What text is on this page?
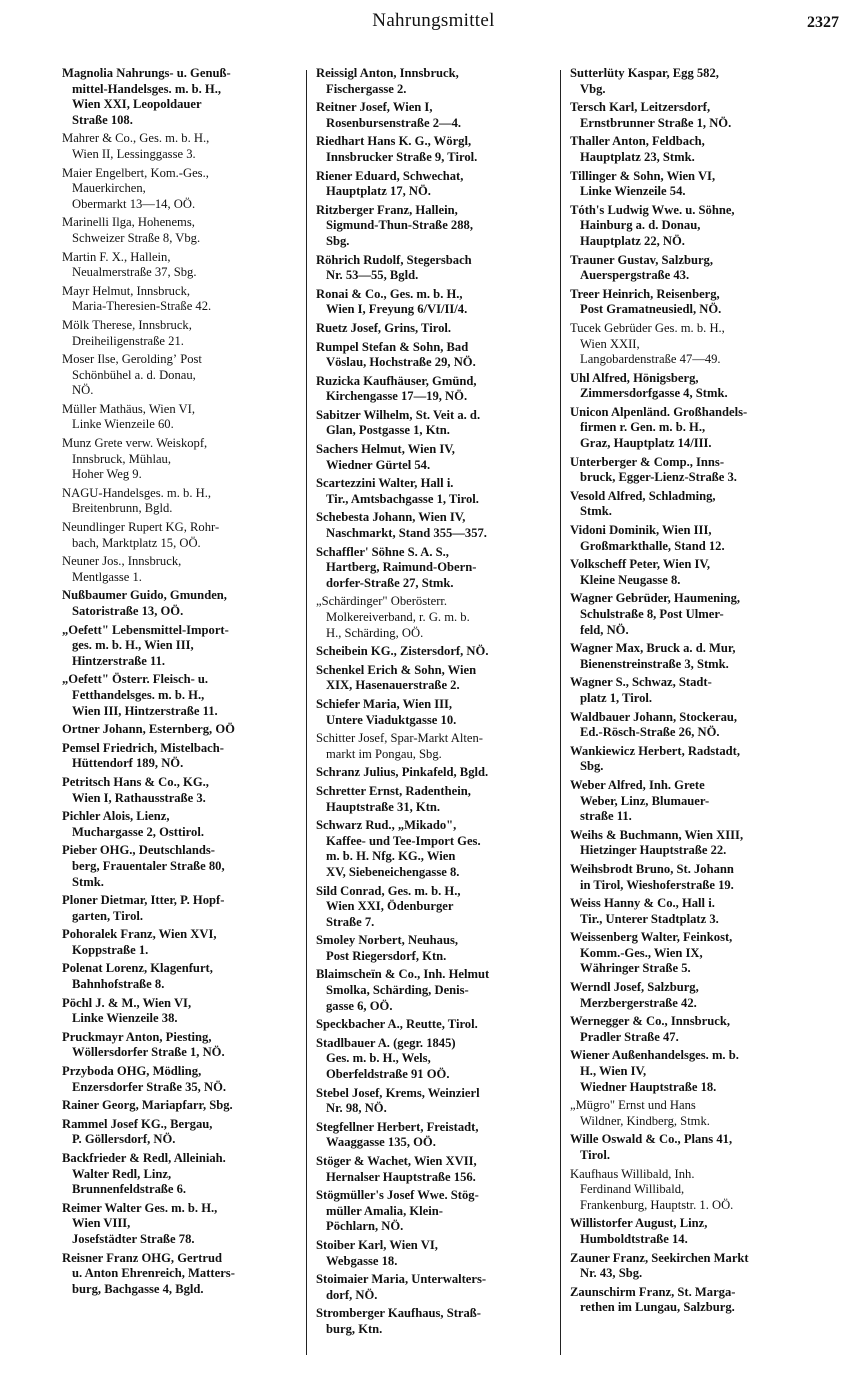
Nahrungsmittel	2327
Magnolia Nahrungs- u. Genuß-
mittel-Handelsges. m. b. H.,
Wien XXI, Leopoldauer
Straße 108.
Mahrer & Co., Ges. m. b. H.,
Wien II, Lessinggasse 3.
Maier Engelbert, Kom.-Ges.,
Mauerkirchen,
Obermarkt 13—14, OÖ.
Marinelli Ilga, Hohenems,
Schweizer Straße 8, Vbg.
Martin F. X., Hallein,
Neualmerstraße 37, Sbg.
Mayr Helmut, Innsbruck,
Maria-Theresien-Straße 42.
Mölk Therese, Innsbruck,
Dreiheiligenstraße 21.
Moser Ilse, Geroldingʼ Post
Schönbühel a. d. Donau,
NÖ.
Müller Mathäus, Wien VI,
Linke Wienzeile 60.
Munz Grete verw. Weiskopf,
Innsbruck, Mühlau,
Hoher Weg 9.
NAGU-Handelsges. m. b. H.,
Breitenbrunn, Bgld.
Neundlinger Rupert KG, Rohr-
bach, Marktplatz 15, OÖ.
Neuner Jos., Innsbruck,
Mentlgasse 1.
Nußbaumer Guido, Gmunden,
Satoristraße 13, OÖ.
„Oefett" Lebensmittel-Import-
ges. m. b. H., Wien III,
Hintzerstraße 11.
„Oefett" Österr. Fleisch- u.
Fetthandelsges. m. b. H.,
Wien III, Hintzerstraße 11.
Ortner Johann, Esternberg, OÖ
Pemsel Friedrich, Mistelbach-
Hüttendorf 189, NÖ.
Petritsch Hans & Co., KG.,
Wien I, Rathausstraße 3.
Pichler Alois, Lienz,
Muchargasse 2, Osttirol.
Pieber OHG., Deutschlands-
berg, Frauentaler Straße 80,
Stmk.
Ploner Dietmar, Itter, P. Hopf-
garten, Tirol.
Pohoralek Franz, Wien XVI,
Koppstraße 1.
Polenat Lorenz, Klagenfurt,
Bahnhofstraße 8.
Pöchl J. & M., Wien VI,
Linke Wienzeile 38.
Pruckmayr Anton, Piesting,
Wöllersdorfer Straße 1, NÖ.
Przyboda OHG, Mödling,
Enzersdorfer Straße 35, NÖ.
Rainer Georg, Mariapfarr, Sbg.
Rammel Josef KG., Bergau,
P. Göllersdorf, NÖ.
Backfrieder & Redl, Alleiniah.
Walter Redl, Linz,
Brunnenfeldstraße 6.
Reimer Walter Ges. m. b. H.,
Wien VIII,
Josefstädter Straße 78.
Reisner Franz OHG, Gertrud
u. Anton Ehrenreich, Matters-
burg, Bachgasse 4, Bgld.
Reissigl Anton, Innsbruck,
Fischergasse 2.
Reitner Josef, Wien I,
Rosenbursenstraße 2—4.
Riedhart Hans K. G., Wörgl,
Innsbrucker Straße 9, Tirol.
Riener Eduard, Schwechat,
Hauptplatz 17, NÖ.
Ritzberger Franz, Hallein,
Sigmund-Thun-Straße 288,
Sbg.
Röhrich Rudolf, Stegersbach
Nr. 53—55, Bgld.
Ronai & Co., Ges. m. b. H.,
Wien I, Freyung 6/VI/II/4.
Ruetz Josef, Grins, Tirol.
Rumpel Stefan & Sohn, Bad
Vöslau, Hochstraße 29, NÖ.
Ruzicka Kaufhäuser, Gmünd,
Kirchengasse 17—19, NÖ.
Sabitzer Wilhelm, St. Veit a. d.
Glan, Postgasse 1, Ktn.
Sachers Helmut, Wien IV,
Wiedner Gürtel 54.
Scartezzini Walter, Hall i.
Tir., Amtsbachgasse 1, Tirol.
Schebesta Johann, Wien IV,
Naschmarkt, Stand 355—357.
Schaffler' Söhne S. A. S.,
Hartberg, Raimund-Obern-
dorfer-Straße 27, Stmk.
„Schärdinger" Oberösterr.
Molkereiverband, r. G. m. b.
H., Schärding, OÖ.
Scheibein KG., Zistersdorf, NÖ.
Schenkel Erich & Sohn, Wien
XIX, Hasenauerstraße 2.
Schiefer Maria, Wien III,
Untere Viaduktgasse 10.
Schitter Josef, Spar-Markt Alten-
markt im Pongau, Sbg.
Schranz Julius, Pinkafeld, Bgld.
Schretter Ernst, Radenthein,
Hauptstraße 31, Ktn.
Schwarz Rud., „Mikado",
Kaffee- und Tee-Import Ges.
m. b. H. Nfg. KG., Wien
XV, Siebeneichengasse 8.
Sild Conrad, Ges. m. b. H.,
Wien XXI, Ödenburger
Straße 7.
Smoley Norbert, Neuhaus,
Post Riegersdorf, Ktn.
Blaimscheïn & Co., Inh. Helmut
Smolka, Schärding, Denis-
gasse 6, OÖ.
Speckbacher A., Reutte, Tirol.
Stadlbauer A. (gegr. 1845)
Ges. m. b. H., Wels,
Oberfeldstraße 91 OÖ.
Stebel Josef, Krems, Weinzierl
Nr. 98, NÖ.
Stegfellner Herbert, Freistadt,
Waaggasse 135, OÖ.
Stöger & Wachet, Wien XVII,
Hernalser Hauptstraße 156.
Stögmüller's Josef Wwe. Stög-
müller Amalia, Klein-
Pöchlarn, NÖ.
Stoiber Karl, Wien VI,
Webgasse 18.
Stoimaier Maria, Unterwalters-
dorf, NÖ.
Stromberger Kaufhaus, Straß-
burg, Ktn.
Sutterlüty Kaspar, Egg 582,
Vbg.
Tersch Karl, Leitzersdorf,
Ernstbrunner Straße 1, NÖ.
Thaller Anton, Feldbach,
Hauptplatz 23, Stmk.
Tillinger & Sohn, Wien VI,
Linke Wienzeile 54.
Tóth's Ludwig Wwe. u. Söhne,
Hainburg a. d. Donau,
Hauptplatz 22, NÖ.
Trauner Gustav, Salzburg,
Auerspergstraße 43.
Treer Heinrich, Reisenberg,
Post Gramatneusiedl, NÖ.
Tucek Gebrüder Ges. m. b. H.,
Wien XXII,
Langobardenstraße 47—49.
Uhl Alfred, Hönigsberg,
Zimmersdorfgasse 4, Stmk.
Unicon Alpenländ. Großhandels-
firmen r. Gen. m. b. H.,
Graz, Hauptplatz 14/III.
Unterberger & Comp., Inns-
bruck, Egger-Lienz-Straße 3.
Vesold Alfred, Schladming,
Stmk.
Vidoni Dominik, Wien III,
Großmarkthalle, Stand 12.
Volkscheff Peter, Wien IV,
Kleine Neugasse 8.
Wagner Gebrüder, Haumening,
Schulstraße 8, Post Ulmer-
feld, NÖ.
Wagner Max, Bruck a. d. Mur,
Bienenstreinstraße 3, Stmk.
Wagner S., Schwaz, Stadt-
platz 1, Tirol.
Waldbauer Johann, Stockerau,
Ed.-Rösch-Straße 26, NÖ.
Wankiewicz Herbert, Radstadt,
Sbg.
Weber Alfred, Inh. Grete
Weber, Linz, Blumauer-
straße 11.
Weihs & Buchmann, Wien XIII,
Hietzinger Hauptstraße 22.
Weihsbrodt Bruno, St. Johann
in Tirol, Wieshoferstraße 19.
Weiss Hanny & Co., Hall i.
Tir., Unterer Stadtplatz 3.
Weissenberg Walter, Feinkost,
Komm.-Ges., Wien IX,
Währinger Straße 5.
Werndl Josef, Salzburg,
Merzbergerstraße 42.
Wernegger & Co., Innsbruck,
Pradler Straße 47.
Wiener Außenhandelsges. m. b.
H., Wien IV,
Wiedner Hauptstraße 18.
„Mügro" Ernst und Hans
Wildner, Kindberg, Stmk.
Wille Oswald & Co., Plans 41,
Tirol.
Kaufhaus Willibald, Inh.
Ferdinand Willibald,
Frankenburg, Hauptstr. 1. OÖ.
Willistorfer August, Linz,
Humboldtstraße 14.
Zauner Franz, Seekirchen Markt
Nr. 43, Sbg.
Zaunschirm Franz, St. Marga-
rethen im Lungau, Salzburg.
